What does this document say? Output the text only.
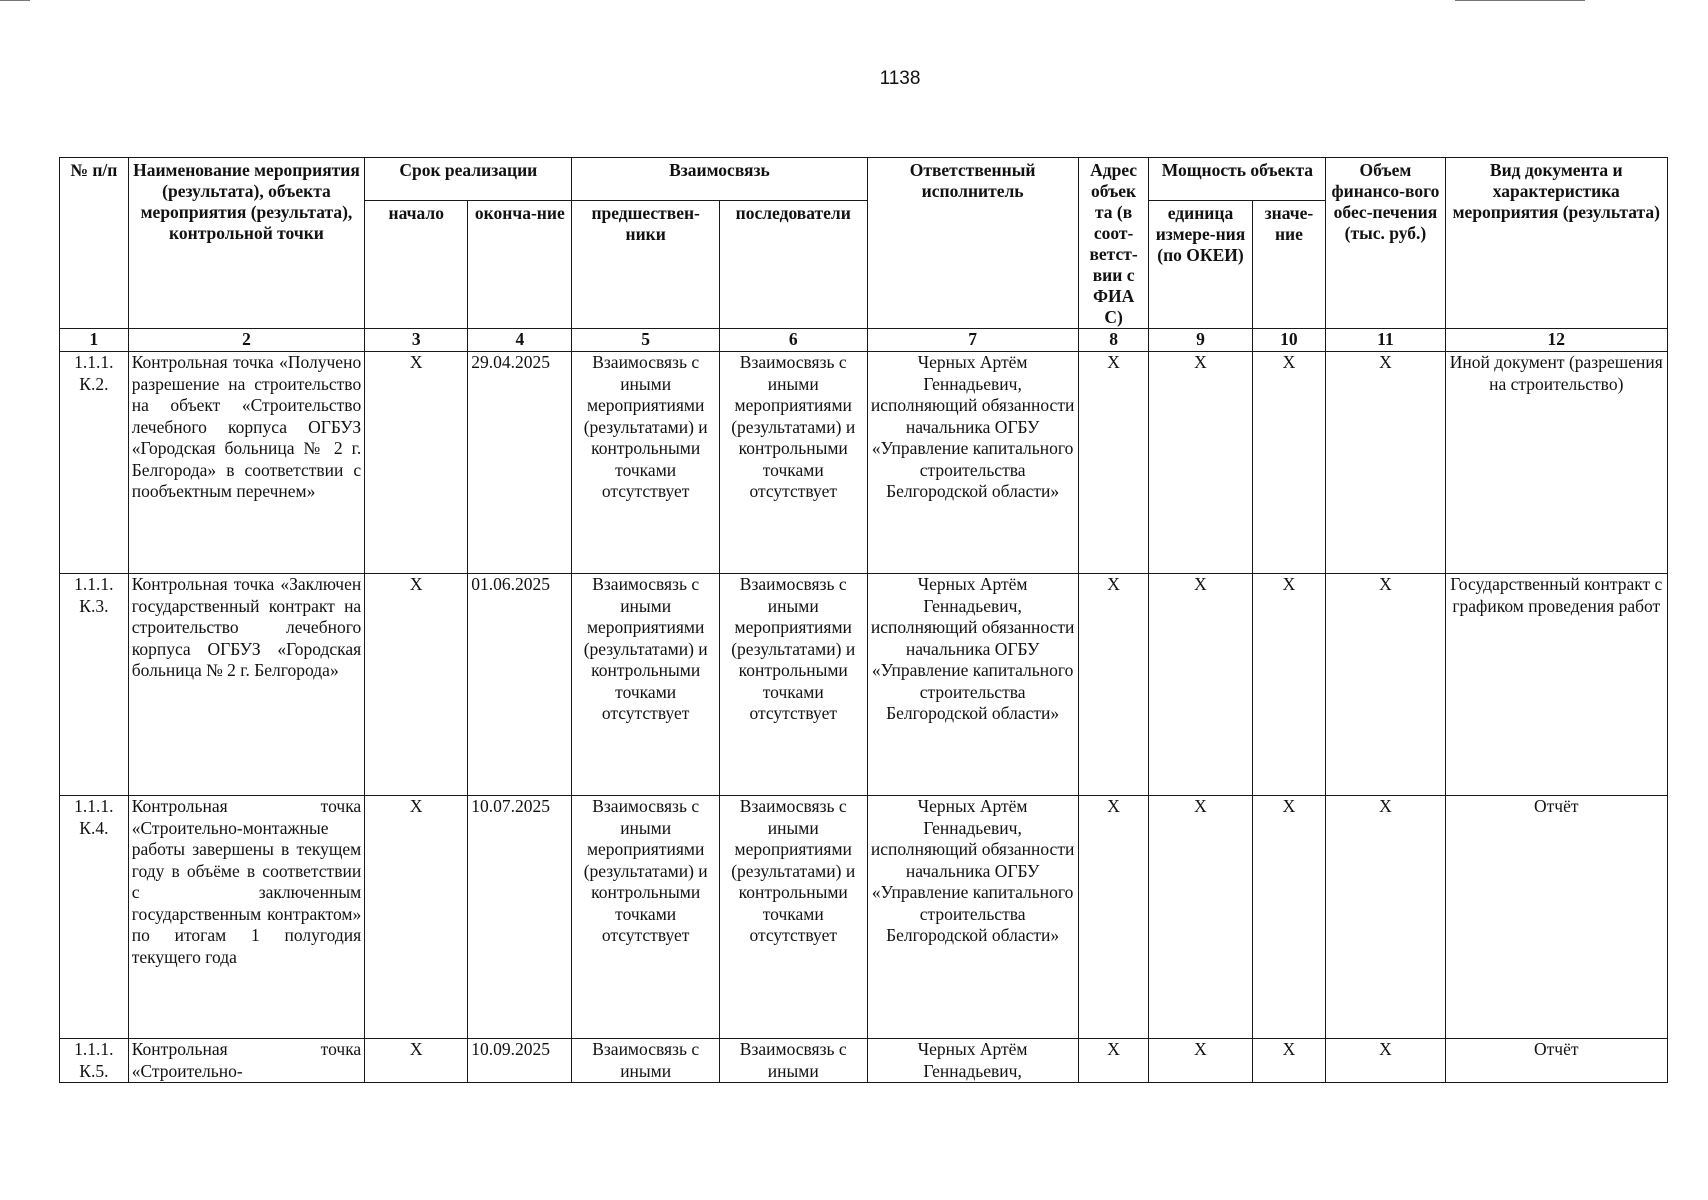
1138
№ п/п	Наименование мероприятия (результата), объекта мероприятия (результата), контрольной точки	Срок реализации		Взаимосвязь		Ответственный исполнитель	Адрес объек та (в соот-ветст-вии с ФИА С)	Мощность объекта		Объем финансо-вого обес-печения (тыс. руб.)	Вид документа и характеристика мероприятия (результата)
		начало	оконча-ние	предшествен-ники	последователи			единица измере-ния (по ОКЕИ)	значе-ние		
1	2	3	4	5	6	7	8	9	10	11	12
1.1.1. К.2.	Контрольная точка «Получено разрешение на строительство на объект «Строительство лечебного корпуса ОГБУЗ «Городская больница № 2 г. Белгорода» в соответствии с пообъектным перечнем»	X	29.04.2025	Взаимосвязь с иными мероприятиями (результатами) и контрольными точками отсутствует	Взаимосвязь с иными мероприятиями (результатами) и контрольными точками отсутствует	Черных Артём Геннадьевич, исполняющий обязанности начальника ОГБУ «Управление капитального строительства Белгородской области»	X	X	X	X	Иной документ (разрешения на строительство)
1.1.1. К.3.	Контрольная точка «Заключен государственный контракт на строительство лечебного корпуса ОГБУЗ «Городская больница № 2 г. Белгорода»	X	01.06.2025	Взаимосвязь с иными мероприятиями (результатами) и контрольными точками отсутствует	Взаимосвязь с иными мероприятиями (результатами) и контрольными точками отсутствует	Черных Артём Геннадьевич, исполняющий обязанности начальника ОГБУ «Управление капитального строительства Белгородской области»	X	X	X	X	Государственный контракт с графиком проведения работ
1.1.1. К.4.	Контрольная точка «Строительно-монтажные работы завершены в текущем году в объёме в соответствии с заключенным государственным контрактом» по итогам 1 полугодия текущего года	X	10.07.2025	Взаимосвязь с иными мероприятиями (результатами) и контрольными точками отсутствует	Взаимосвязь с иными мероприятиями (результатами) и контрольными точками отсутствует	Черных Артём Геннадьевич, исполняющий обязанности начальника ОГБУ «Управление капитального строительства Белгородской области»	X	X	X	X	Отчёт
1.1.1. К.5.	Контрольная точка «Строительно-	X	10.09.2025	Взаимосвязь с иными	Взаимосвязь с иными	Черных Артём Геннадьевич,	X	X	X	X	Отчёт
